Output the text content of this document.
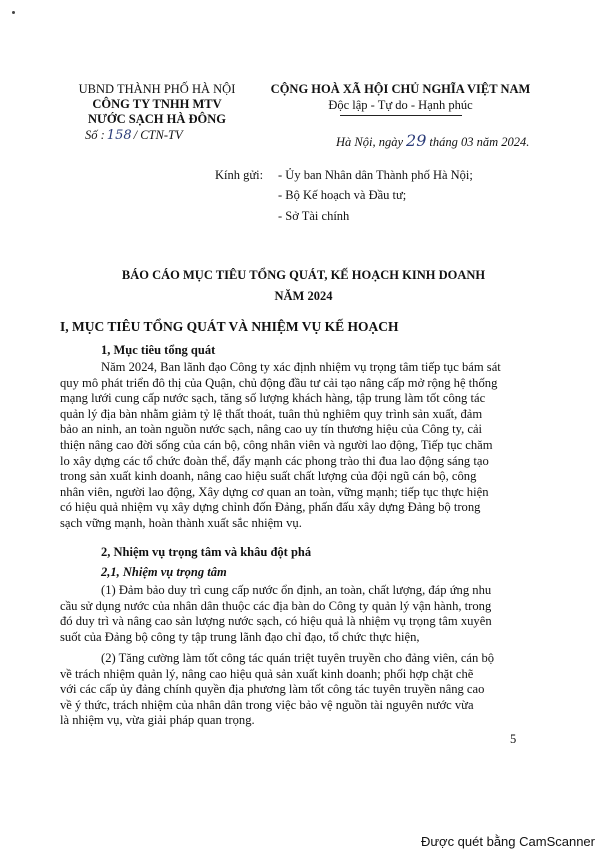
UBND THÀNH PHỐ HÀ NỘI
CÔNG TY TNHH MTV
NƯỚC SẠCH HÀ ĐÔNG
Số : 158 / CTN-TV
CỘNG HOÀ XÃ HỘI CHỦ NGHĨA VIỆT NAM
Độc lập - Tự do - Hạnh phúc
Hà Nội, ngày 29 tháng 03 năm 2024.
Kính gửi: - Ủy ban Nhân dân Thành phố Hà Nội;
- Bộ Kế hoạch và Đầu tư;
- Sở Tài chính
BÁO CÁO MỤC TIÊU TỔNG QUÁT, KẾ HOẠCH KINH DOANH
NĂM 2024
I, MỤC TIÊU TỔNG QUÁT VÀ NHIỆM VỤ KẾ HOẠCH
1, Mục tiêu tổng quát
Năm 2024, Ban lãnh đạo Công ty xác định nhiệm vụ trọng tâm tiếp tục bám sát
quy mô phát triển đô thị của Quận, chủ động đầu tư cải tạo nâng cấp mở rộng hệ thống
mạng lưới cung cấp nước sạch, tăng số lượng khách hàng, tập trung làm tốt công tác
quản lý địa bàn nhằm giảm tỷ lệ thất thoát, tuân thủ nghiêm quy trình sản xuất, đảm
bảo an ninh, an toàn nguồn nước sạch, nâng cao uy tín thương hiệu của Công ty, cải
thiện nâng cao đời sống của cán bộ, công nhân viên và người lao động, Tiếp tục chăm
lo xây dựng các tổ chức đoàn thể, đẩy mạnh các phong trào thi đua lao động sáng tạo
trong sản xuất kinh doanh, nâng cao hiệu suất chất lượng của đội ngũ cán bộ, công
nhân viên, người lao động, Xây dựng cơ quan an toàn, vững mạnh; tiếp tục thực hiện
có hiệu quả nhiệm vụ xây dựng chỉnh đốn Đảng, phấn đấu xây dựng Đảng bộ trong
sạch vững mạnh, hoàn thành xuất sắc nhiệm vụ.
2, Nhiệm vụ trọng tâm và khâu đột phá
2,1, Nhiệm vụ trọng tâm
(1) Đảm bảo duy trì cung cấp nước ổn định, an toàn, chất lượng, đáp ứng nhu
cầu sử dụng nước của nhân dân thuộc các địa bàn do Công ty quản lý vận hành, trong
đó duy trì và nâng cao sản lượng nước sạch, có hiệu quả là nhiệm vụ trọng tâm xuyên
suốt của Đảng bộ công ty tập trung lãnh đạo chỉ đạo, tổ chức thực hiện,
(2) Tăng cường làm tốt công tác quán triệt tuyên truyền cho đảng viên, cán bộ
về trách nhiệm quản lý, nâng cao hiệu quả sản xuất kinh doanh; phối hợp chặt chẽ
với các cấp ủy đảng chính quyền địa phương làm tốt công tác tuyên truyền nâng cao
về ý thức, trách nhiệm của nhân dân trong việc bảo vệ nguồn tài nguyên nước vừa
là nhiệm vụ, vừa giải pháp quan trọng.
5
Được quét bằng CamScanner
